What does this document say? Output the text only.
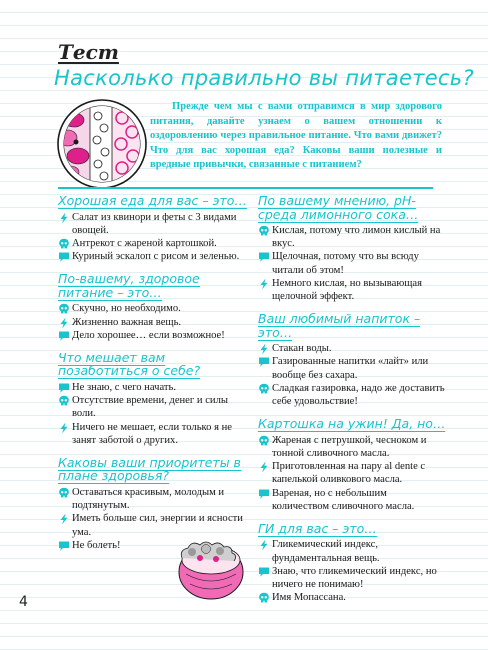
Тест
Насколько правильно вы питаетесь?
Прежде чем мы с вами отправимся в мир здорового питания, давайте узнаем о вашем отношении к оздоровлению через правильное питание. Что вами движет? Что для вас хорошая еда? Каковы ваши полезные и вредные привычки, связанные с питанием?
Хорошая еда для вас – это…
Салат из квинори и феты с 3 видами овощей.
Антрекот с жареной картошкой.
Куриный эскалоп с рисом и зеленью.
По-вашему, здоровое питание – это…
Скучно, но необходимо.
Жизненно важная вещь.
Дело хорошее… если возможное!
Что мешает вам позаботиться о себе?
Не знаю, с чего начать.
Отсутствие времени, денег и силы воли.
Ничего не мешает, если только я не занят заботой о других.
Каковы ваши приоритеты в плане здоровья?
Оставаться красивым, молодым и подтянутым.
Иметь больше сил, энергии и ясности ума.
Не болеть!
По вашему мнению, рН-среда лимонного сока…
Кислая, потому что лимон кислый на вкус.
Щелочная, потому что вы всюду читали об этом!
Немного кислая, но вызывающая щелочной эффект.
Ваш любимый напиток – это…
Стакан воды.
Газированные напитки «лайт» или вообще без сахара.
Сладкая газировка, надо же доставить себе удовольствие!
Картошка на ужин! Да, но…
Жареная с петрушкой, чесноком и тонной сливочного масла.
Приготовленная на пару al dente с капелькой оливкового масла.
Вареная, но с небольшим количеством сливочного масла.
ГИ для вас – это…
Гликемический индекс, фундаментальная вещь.
Знаю, что гликемический индекс, но ничего не понимаю!
Имя Мопассана.
4
